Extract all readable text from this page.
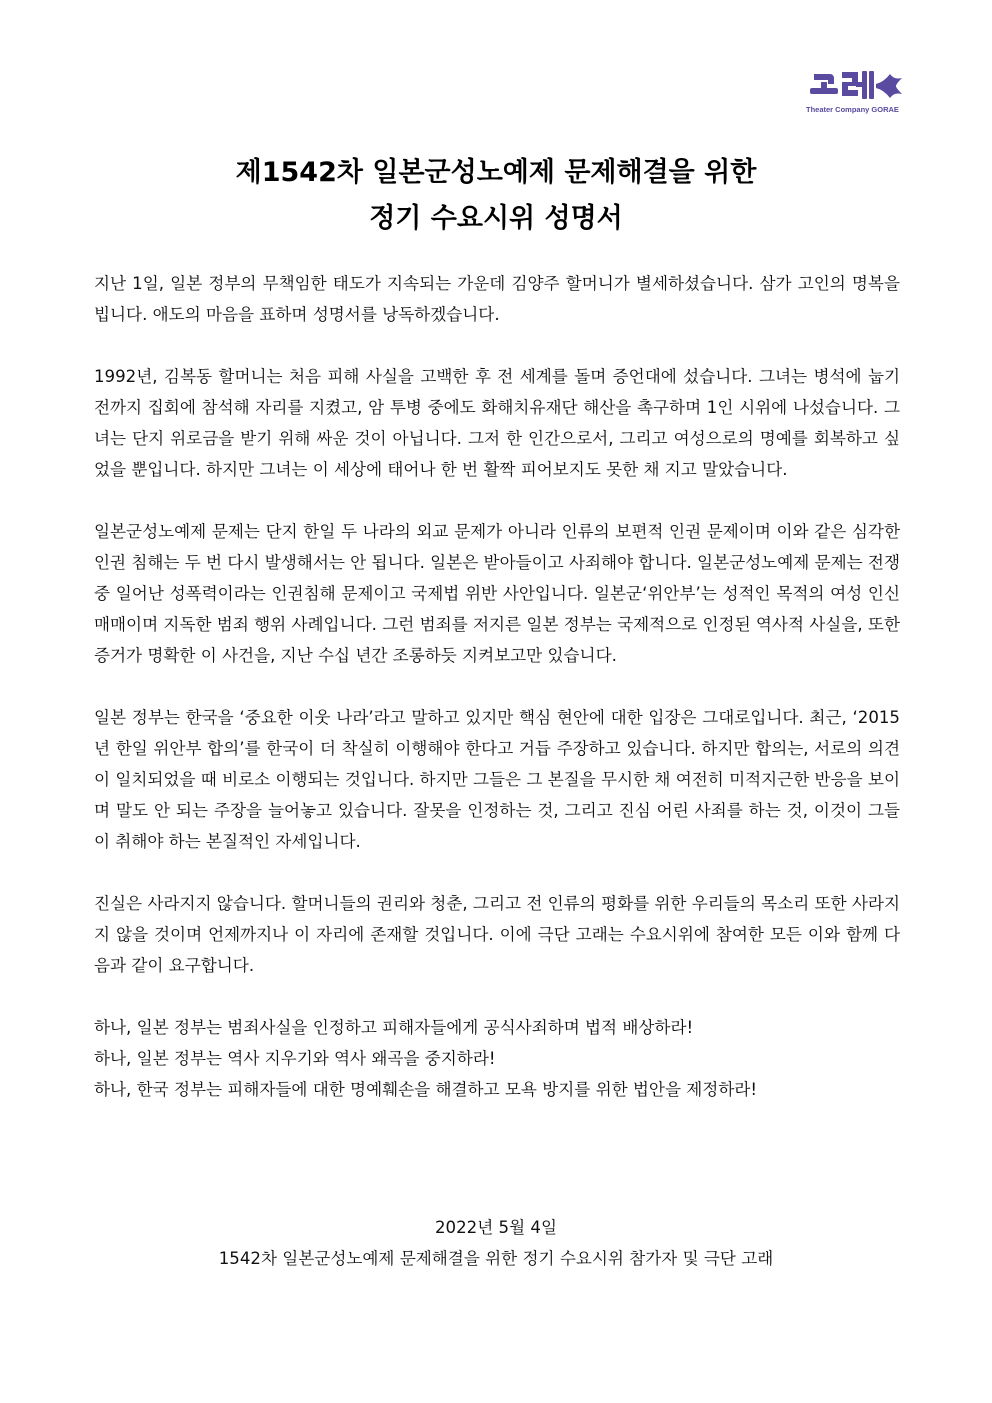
Theater Company GORAE
제1542차 일본군성노예제 문제해결을 위한
정기 수요시위 성명서

지난 1일, 일본 정부의 무책임한 태도가 지속되는 가운데 김양주 할머니가 별세하셨습니다. 삼가 고인의 명복을 빕니다. 애도의 마음을 표하며 성명서를 낭독하겠습니다.

1992년, 김복동 할머니는 처음 피해 사실을 고백한 후 전 세계를 돌며 증언대에 섰습니다. 그녀는 병석에 눕기 전까지 집회에 참석해 자리를 지켰고, 암 투병 중에도 화해치유재단 해산을 촉구하며 1인 시위에 나섰습니다. 그녀는 단지 위로금을 받기 위해 싸운 것이 아닙니다. 그저 한 인간으로서, 그리고 여성으로의 명예를 회복하고 싶었을 뿐입니다. 하지만 그녀는 이 세상에 태어나 한 번 활짝 피어보지도 못한 채 지고 말았습니다.

일본군성노예제 문제는 단지 한일 두 나라의 외교 문제가 아니라 인류의 보편적 인권 문제이며 이와 같은 심각한 인권 침해는 두 번 다시 발생해서는 안 됩니다. 일본은 받아들이고 사죄해야 합니다. 일본군성노예제 문제는 전쟁 중 일어난 성폭력이라는 인권침해 문제이고 국제법 위반 사안입니다. 일본군‘위안부’는 성적인 목적의 여성 인신매매이며 지독한 범죄 행위 사례입니다. 그런 범죄를 저지른 일본 정부는 국제적으로 인정된 역사적 사실을, 또한 증거가 명확한 이 사건을, 지난 수십 년간 조롱하듯 지켜보고만 있습니다.

일본 정부는 한국을 ‘중요한 이웃 나라’라고 말하고 있지만 핵심 현안에 대한 입장은 그대로입니다. 최근, ‘2015년 한일 위안부 합의’를 한국이 더 착실히 이행해야 한다고 거듭 주장하고 있습니다. 하지만 합의는, 서로의 의견이 일치되었을 때 비로소 이행되는 것입니다. 하지만 그들은 그 본질을 무시한 채 여전히 미적지근한 반응을 보이며 말도 안 되는 주장을 늘어놓고 있습니다. 잘못을 인정하는 것, 그리고 진심 어린 사죄를 하는 것, 이것이 그들이 취해야 하는 본질적인 자세입니다.

진실은 사라지지 않습니다. 할머니들의 권리와 청춘, 그리고 전 인류의 평화를 위한 우리들의 목소리 또한 사라지지 않을 것이며 언제까지나 이 자리에 존재할 것입니다. 이에 극단 고래는 수요시위에 참여한 모든 이와 함께 다음과 같이 요구합니다.

하나, 일본 정부는 범죄사실을 인정하고 피해자들에게 공식사죄하며 법적 배상하라!
하나, 일본 정부는 역사 지우기와 역사 왜곡을 중지하라!
하나, 한국 정부는 피해자들에 대한 명예훼손을 해결하고 모욕 방지를 위한 법안을 제정하라!
2022년 5월 4일
1542차 일본군성노예제 문제해결을 위한 정기 수요시위 참가자 및 극단 고래
